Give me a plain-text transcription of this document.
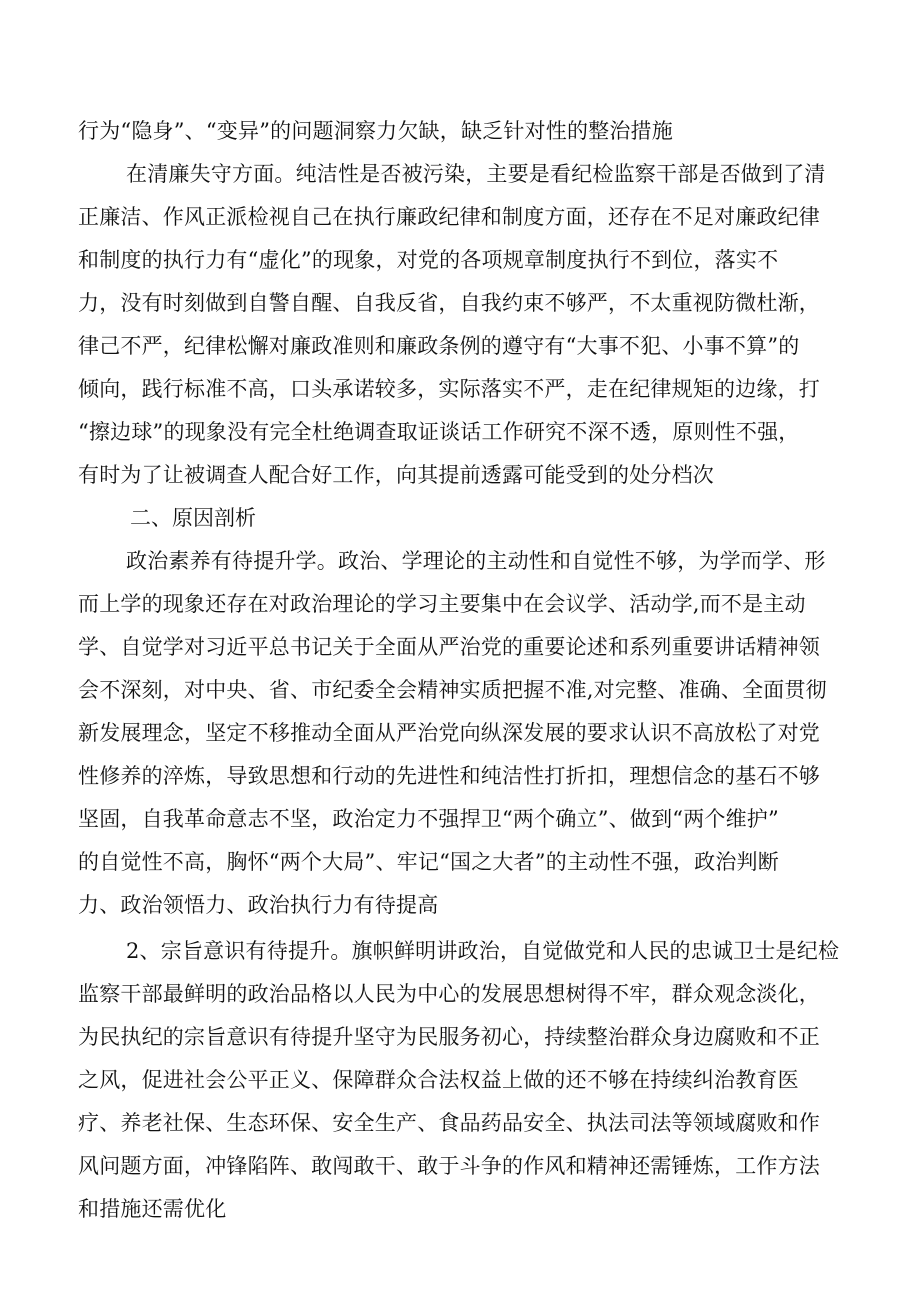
行为“隐身”、“变异”的问题洞察力欠缺，缺乏针对性的整治措施
在清廉失守方面。纯洁性是否被污染，主要是看纪检监察干部是否做到了清
正廉洁、作风正派检视自己在执行廉政纪律和制度方面，还存在不足对廉政纪律
和制度的执行力有“虚化”的现象，对党的各项规章制度执行不到位，落实不
力，没有时刻做到自警自醒、自我反省，自我约束不够严，不太重视防微杜渐，
律己不严，纪律松懈对廉政准则和廉政条例的遵守有“大事不犯、小事不算”的
倾向，践行标准不高，口头承诺较多，实际落实不严，走在纪律规矩的边缘，打
“擦边球”的现象没有完全杜绝调查取证谈话工作研究不深不透，原则性不强，
有时为了让被调查人配合好工作，向其提前透露可能受到的处分档次
二、原因剖析
政治素养有待提升学。政治、学理论的主动性和自觉性不够，为学而学、形
而上学的现象还存在对政治理论的学习主要集中在会议学、活动学,而不是主动
学、自觉学对习近平总书记关于全面从严治党的重要论述和系列重要讲话精神领
会不深刻，对中央、省、市纪委全会精神实质把握不准,对完整、准确、全面贯彻
新发展理念，坚定不移推动全面从严治党向纵深发展的要求认识不高放松了对党
性修养的淬炼，导致思想和行动的先进性和纯洁性打折扣，理想信念的基石不够
坚固，自我革命意志不坚，政治定力不强捍卫“两个确立”、做到“两个维护”
的自觉性不高，胸怀“两个大局”、牢记“国之大者”的主动性不强，政治判断
力、政治领悟力、政治执行力有待提高
2、宗旨意识有待提升。旗帜鲜明讲政治，自觉做党和人民的忠诚卫士是纪检
监察干部最鲜明的政治品格以人民为中心的发展思想树得不牢，群众观念淡化，
为民执纪的宗旨意识有待提升坚守为民服务初心，持续整治群众身边腐败和不正
之风，促进社会公平正义、保障群众合法权益上做的还不够在持续纠治教育医
疗、养老社保、生态环保、安全生产、食品药品安全、执法司法等领域腐败和作
风问题方面，冲锋陷阵、敢闯敢干、敢于斗争的作风和精神还需锤炼，工作方法
和措施还需优化
